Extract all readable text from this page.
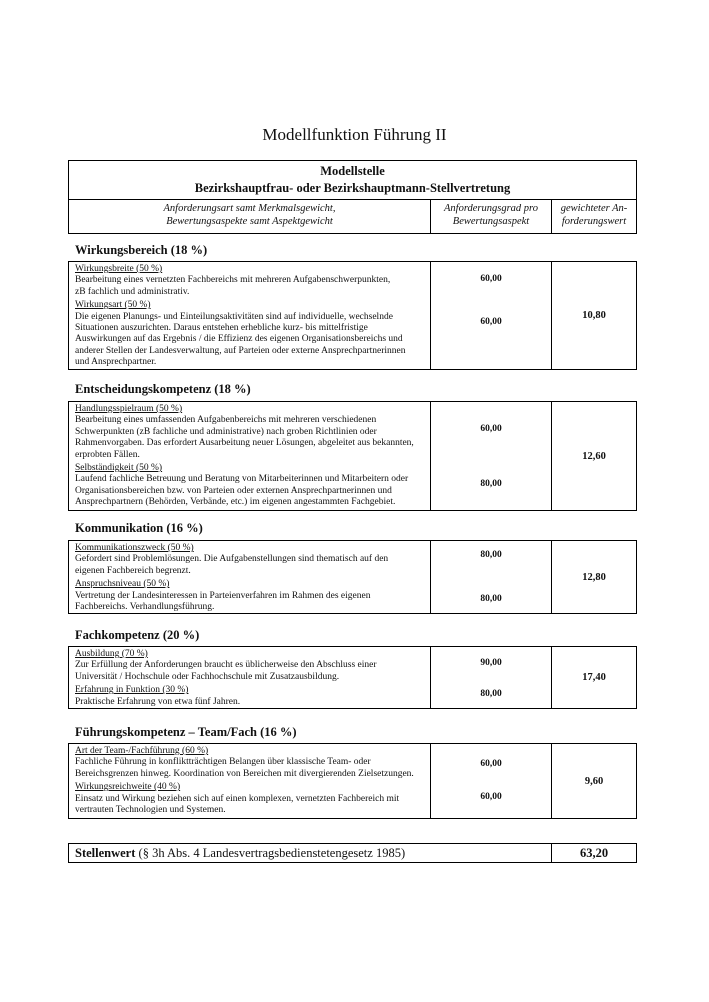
Modellfunktion Führung II
Modellstelle
Bezirkshauptfrau- oder Bezirkshauptmann-Stellvertretung
Anforderungsart samt Merkmalsgewicht,
Bewertungsaspekte samt Aspektgewicht
Anforderungsgrad pro
Bewertungsaspekt
gewichteter An-
forderungswert
Wirkungsbereich (18 %)

Wirkungsbreite (50 %)

Bearbeitung eines vernetzten Fachbereichs mit mehreren Aufgabenschwerpunkten,

zB fachlich und administrativ.

Wirkungsart (50 %)

Die eigenen Planungs- und Einteilungsaktivitäten sind auf individuelle, wechselnde

Situationen auszurichten. Daraus entstehen erhebliche kurz- bis mittelfristige

Auswirkungen auf das Ergebnis / die Effizienz des eigenen Organisationsbereichs und

anderer Stellen der Landesverwaltung, auf Parteien oder externe Ansprechpartnerinnen

und Ansprechpartner.

60,00
60,00
10,80
Entscheidungskompetenz (18 %)

Handlungsspielraum (50 %)

Bearbeitung eines umfassenden Aufgabenbereichs mit mehreren verschiedenen

Schwerpunkten (zB fachliche und administrative) nach groben Richtlinien oder

Rahmenvorgaben. Das erfordert Ausarbeitung neuer Lösungen, abgeleitet aus bekannten,

erprobten Fällen.

Selbständigkeit (50 %)

Laufend fachliche Betreuung und Beratung von Mitarbeiterinnen und Mitarbeitern oder

Organisationsbereichen bzw. von Parteien oder externen Ansprechpartnerinnen und

Ansprechpartnern (Behörden, Verbände, etc.) im eigenen angestammten Fachgebiet.

60,00
80,00
12,60
Kommunikation (16 %)

Kommunikationszweck (50 %)

Gefordert sind Problemlösungen. Die Aufgabenstellungen sind thematisch auf den

eigenen Fachbereich begrenzt.

Anspruchsniveau (50 %)

Vertretung der Landesinteressen in Parteienverfahren im Rahmen des eigenen

Fachbereichs. Verhandlungsführung.

80,00
80,00
12,80
Fachkompetenz (20 %)

Ausbildung (70 %)

Zur Erfüllung der Anforderungen braucht es üblicherweise den Abschluss einer

Universität / Hochschule oder Fachhochschule mit Zusatzausbildung.

Erfahrung in Funktion (30 %)

Praktische Erfahrung von etwa fünf Jahren.

90,00
80,00
17,40
Führungskompetenz – Team/Fach (16 %)

Art der Team-/Fachführung (60 %)

Fachliche Führung in konfliktträchtigen Belangen über klassische Team- oder

Bereichsgrenzen hinweg. Koordination von Bereichen mit divergierenden Zielsetzungen.

Wirkungsreichweite (40 %)

Einsatz und Wirkung beziehen sich auf einen komplexen, vernetzten Fachbereich mit

vertrauten Technologien und Systemen.

60,00
60,00
9,60
Stellenwert (§ 3h Abs. 4 Landesvertragsbedienstetengesetz 1985)	63,20
